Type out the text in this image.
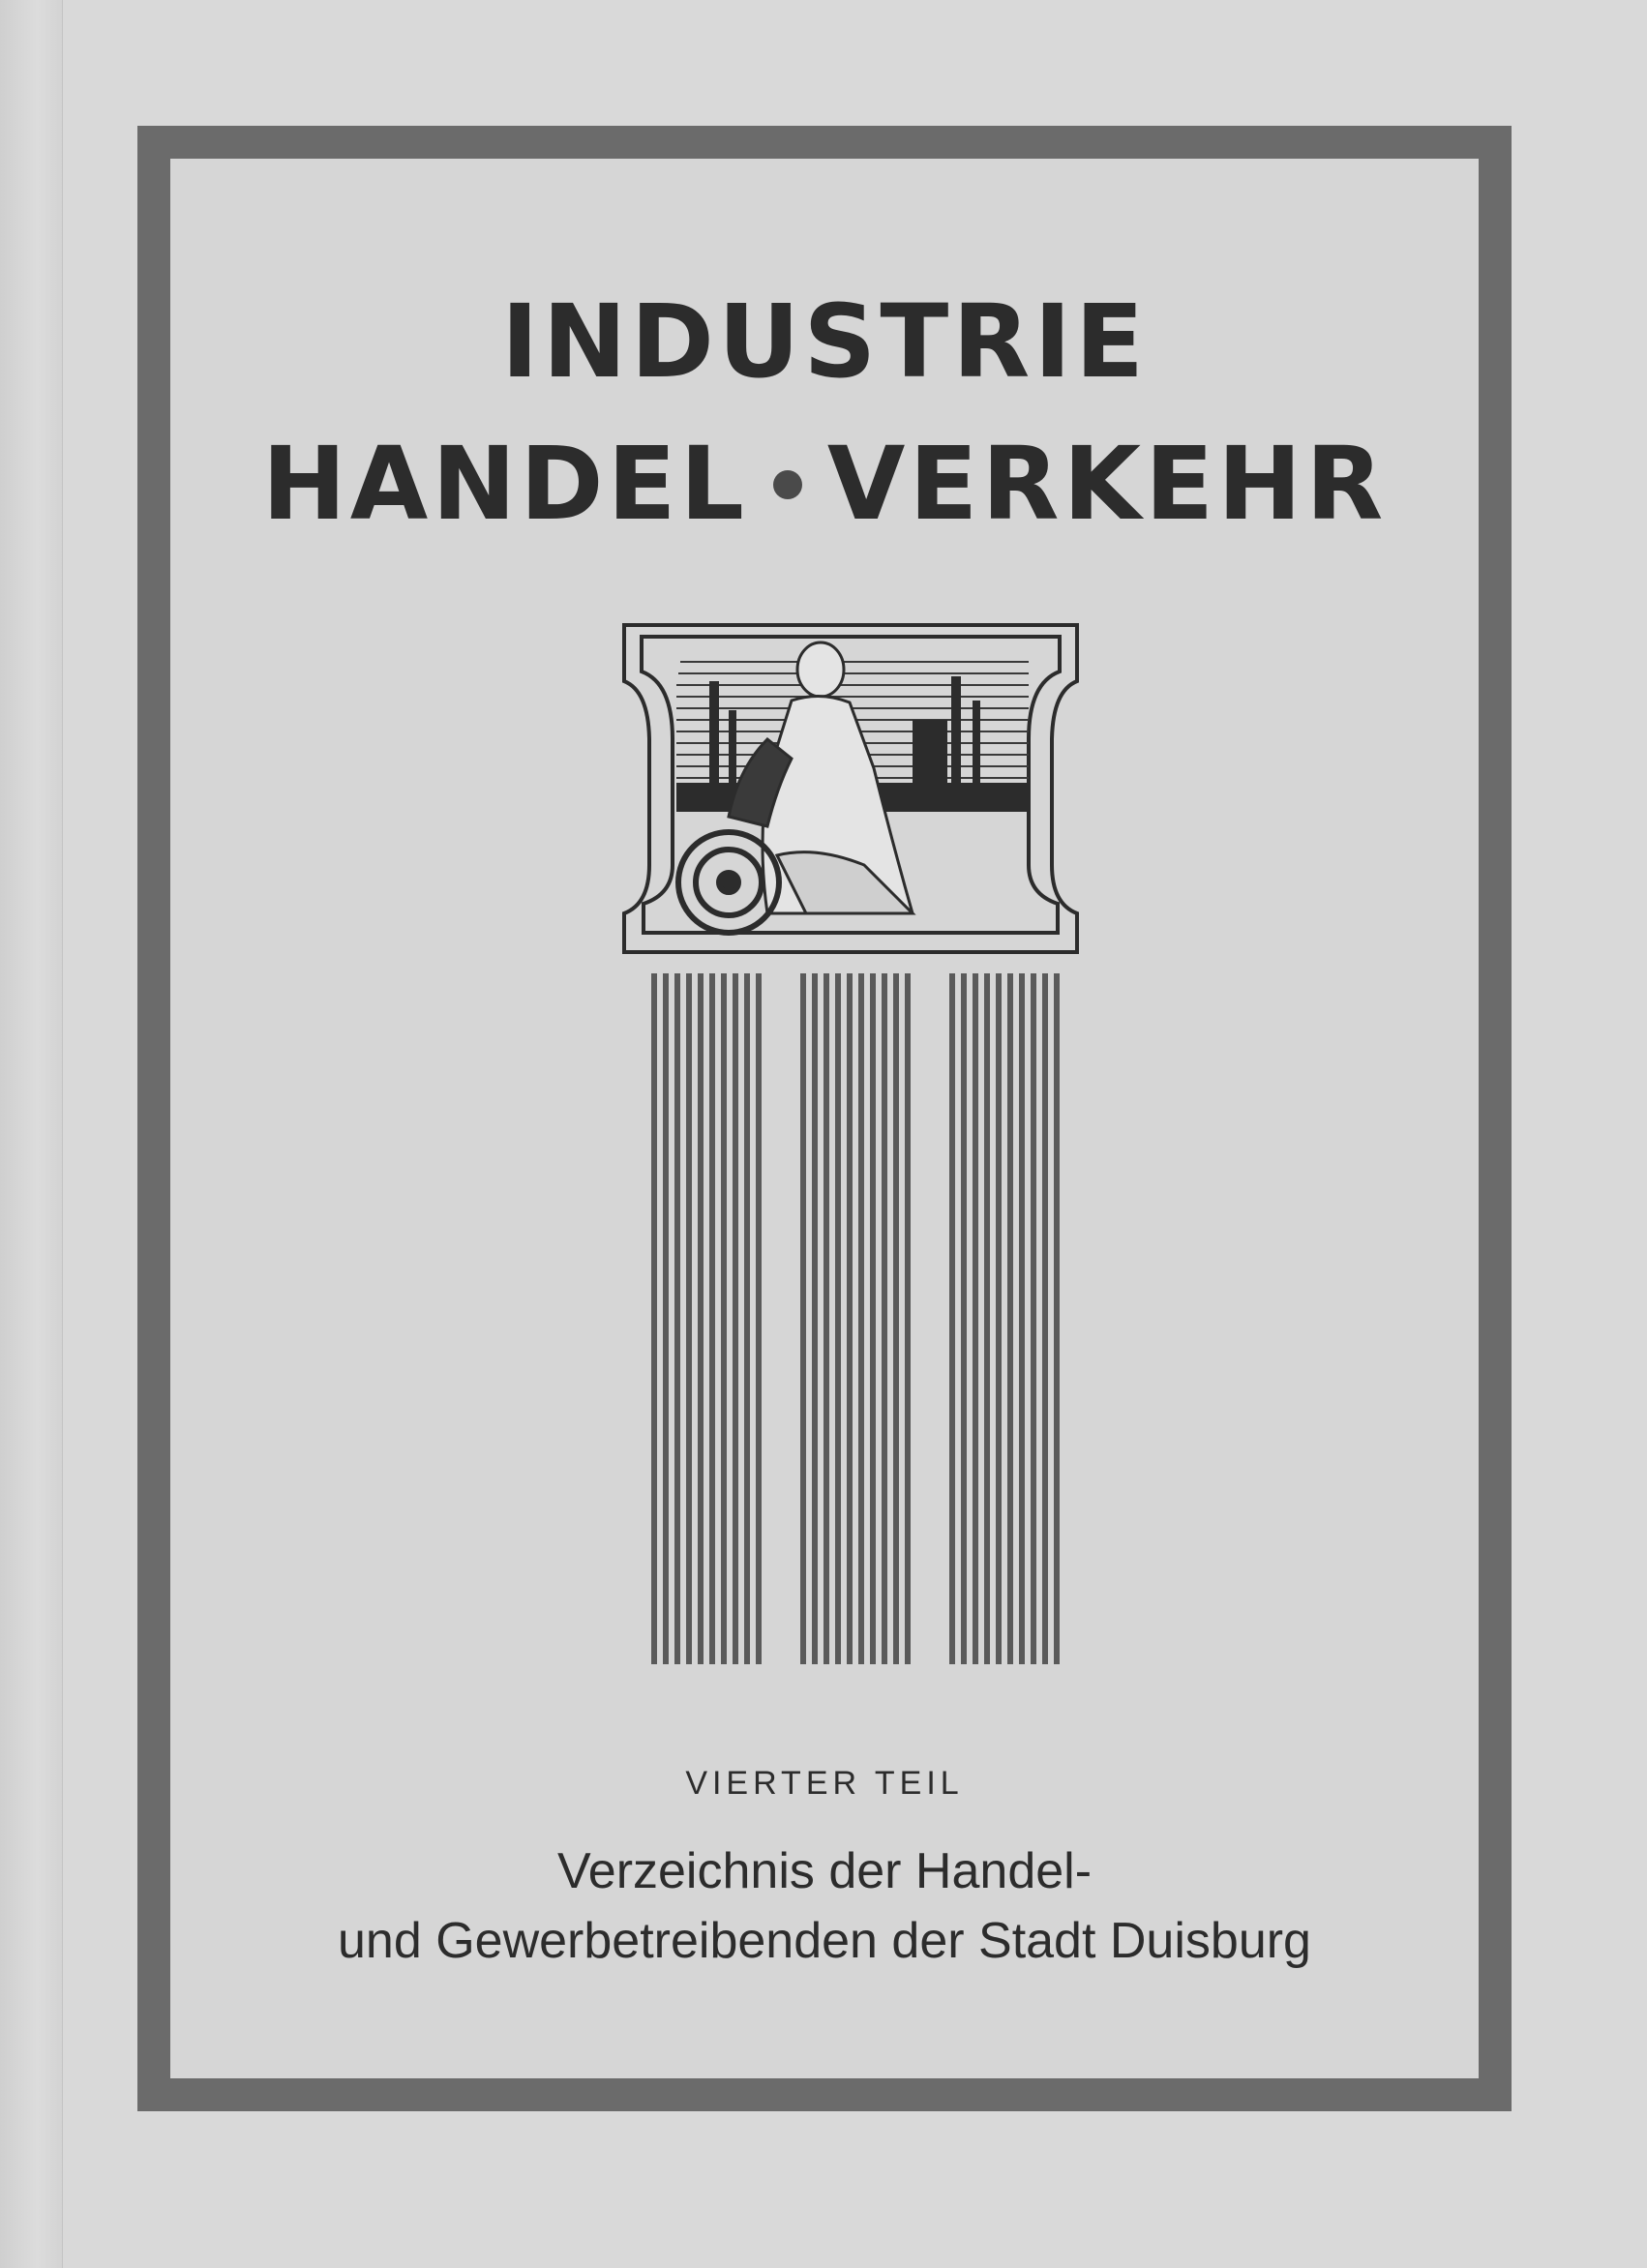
INDUSTRIE
HANDEL VERKEHR
VIERTER TEIL
Verzeichnis der Handel-
und Gewerbetreibenden der Stadt Duisburg
